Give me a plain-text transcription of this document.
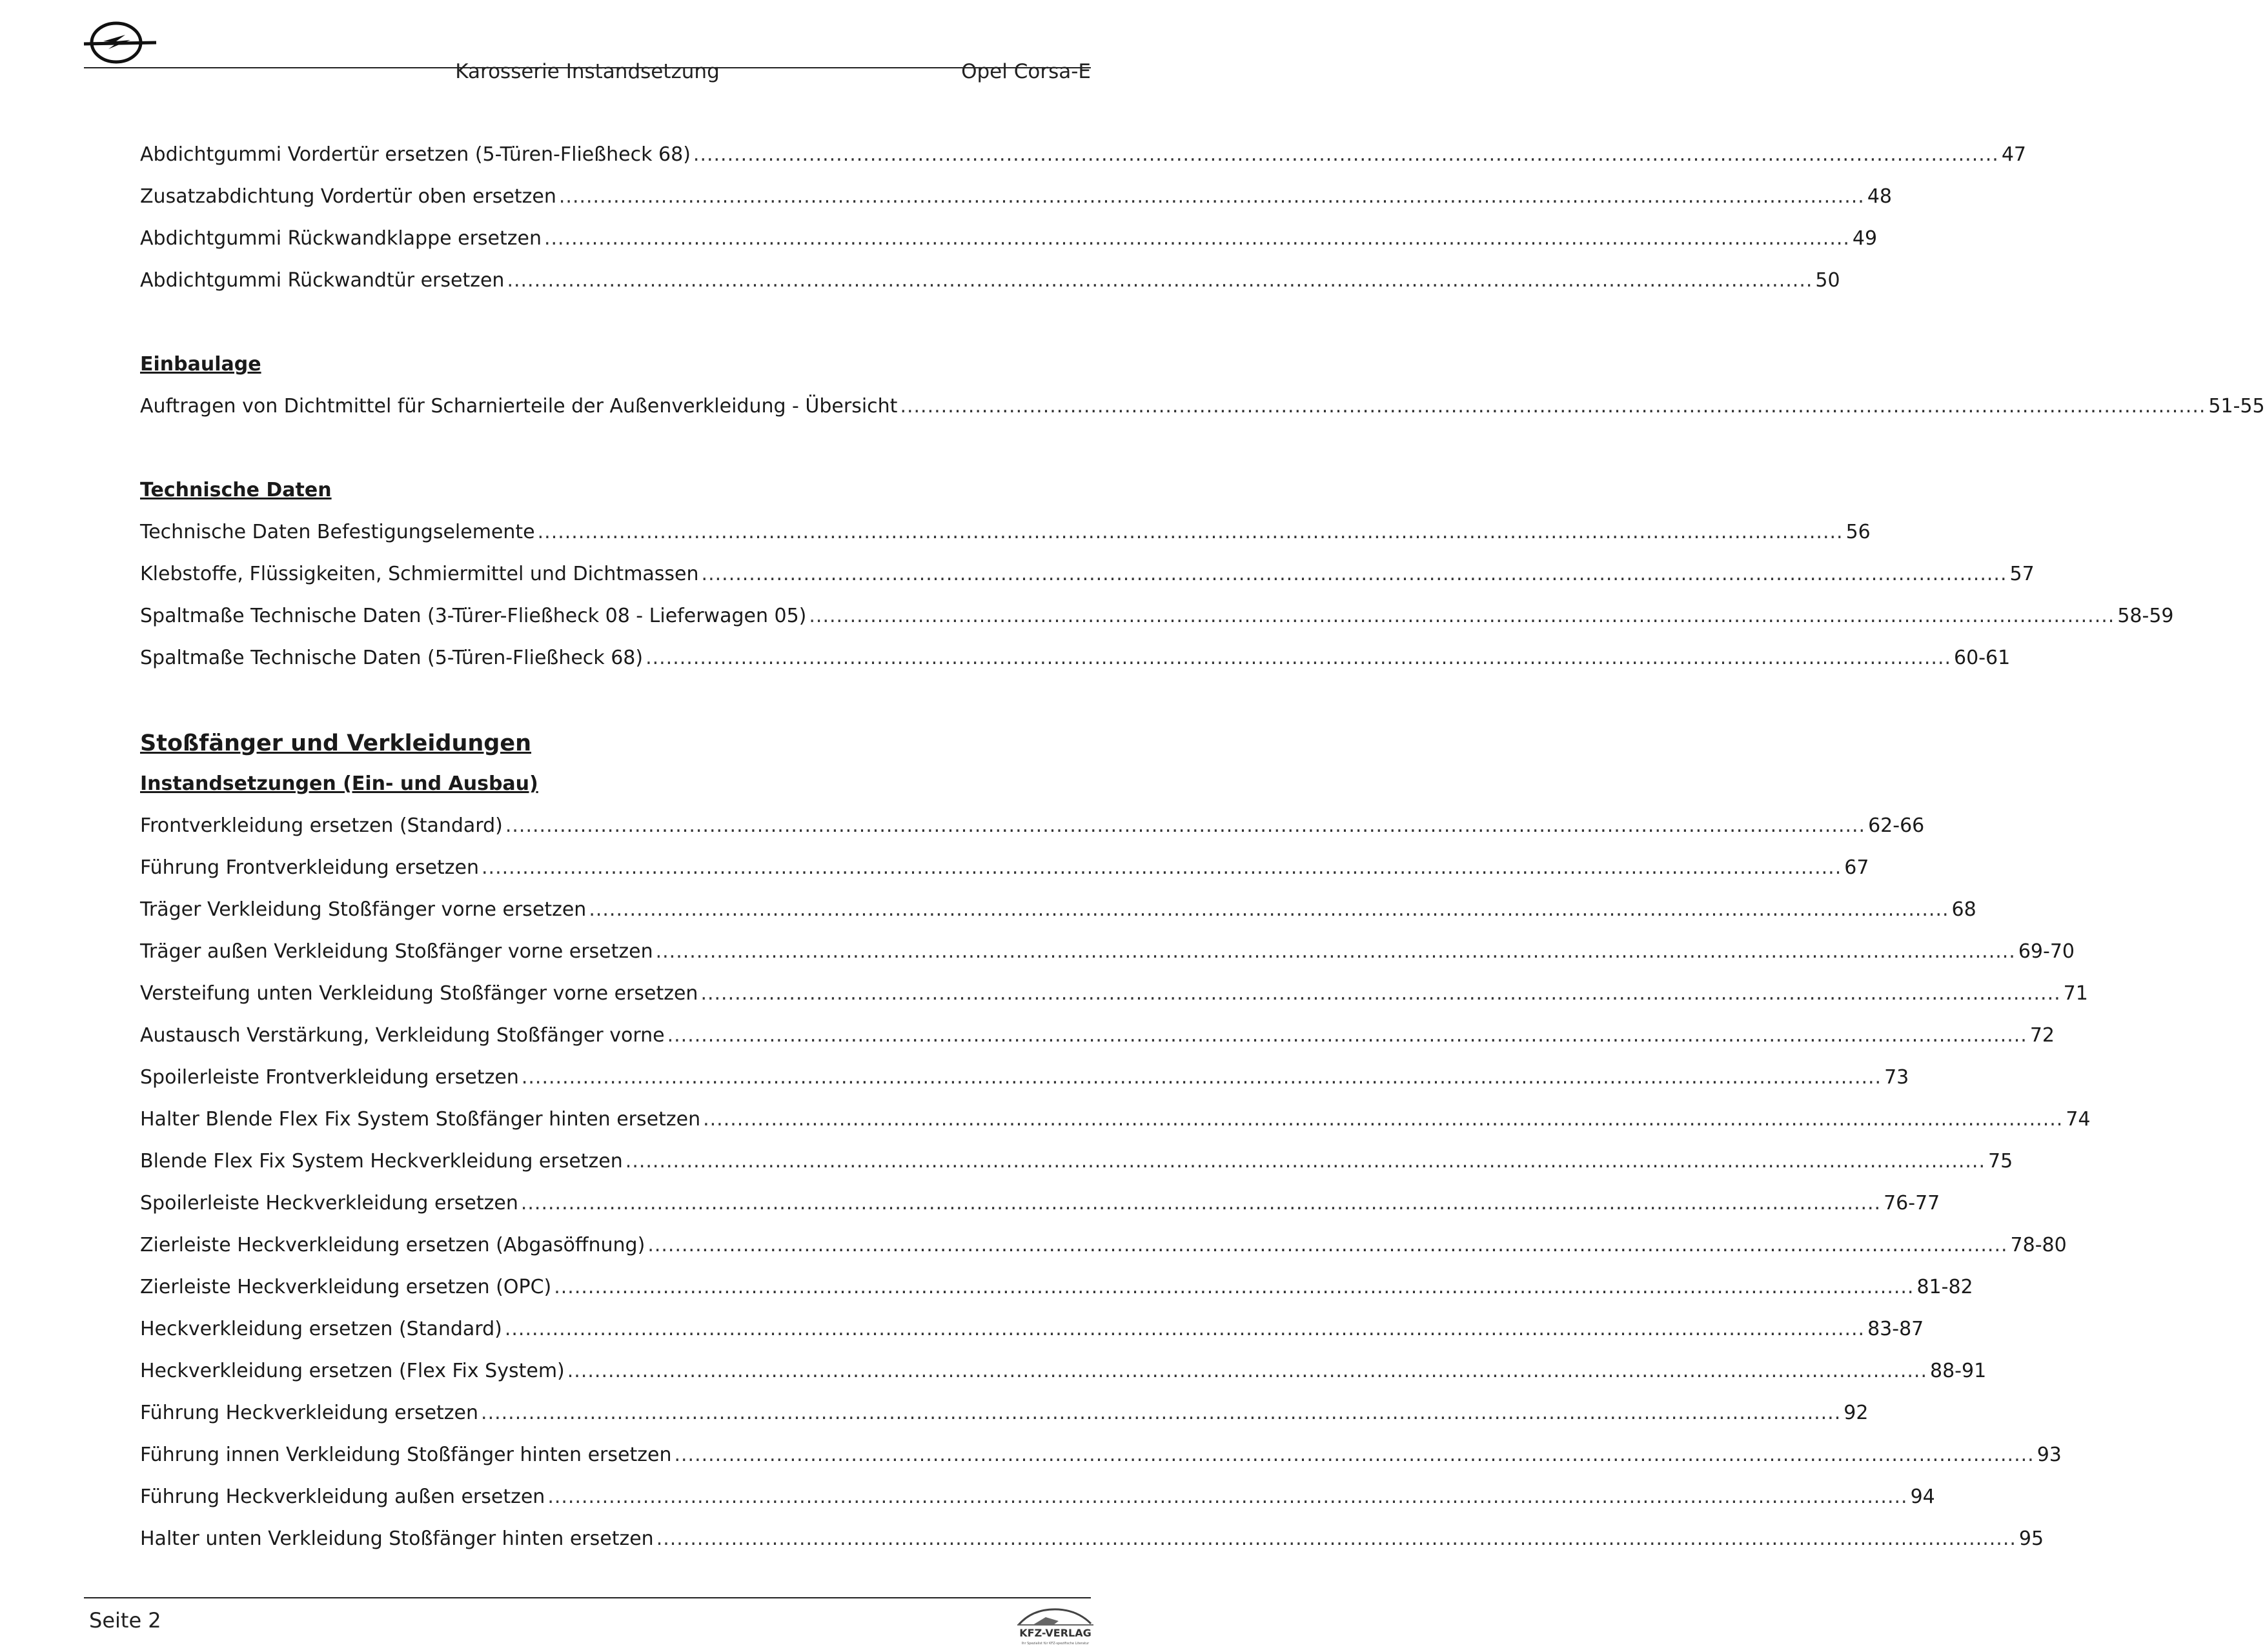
Karosserie Instandsetzung	Opel Corsa-E
Abdichtgummi Vordertür ersetzen (5-Türen-Fließheck 68) ................................................................................................................................................................................................ 47
Zusatzabdichtung Vordertür oben ersetzen ................................................................................................................................................................................................ 48
Abdichtgummi Rückwandklappe ersetzen ................................................................................................................................................................................................ 49
Abdichtgummi Rückwandtür ersetzen ................................................................................................................................................................................................ 50
Einbaulage
Auftragen von Dichtmittel für Scharnierteile der Außenverkleidung - Übersicht ................................................................................................................................................................................................ 51-55
Technische Daten
Technische Daten Befestigungselemente ................................................................................................................................................................................................ 56
Klebstoffe, Flüssigkeiten, Schmiermittel und Dichtmassen ................................................................................................................................................................................................ 57
Spaltmaße Technische Daten (3-Türer-Fließheck 08 - Lieferwagen 05) ................................................................................................................................................................................................ 58-59
Spaltmaße Technische Daten (5-Türen-Fließheck 68) ................................................................................................................................................................................................ 60-61
Stoßfänger und Verkleidungen
Instandsetzungen (Ein- und Ausbau)
Frontverkleidung ersetzen (Standard) ........................................................................................................................................................................................................ 62-66
Führung Frontverkleidung ersetzen ........................................................................................................................................................................................................ 67
Träger Verkleidung Stoßfänger vorne ersetzen ........................................................................................................................................................................................................ 68
Träger außen Verkleidung Stoßfänger vorne ersetzen ........................................................................................................................................................................................................ 69-70
Versteifung unten Verkleidung Stoßfänger vorne ersetzen ........................................................................................................................................................................................................ 71
Austausch Verstärkung, Verkleidung Stoßfänger vorne ........................................................................................................................................................................................................ 72
Spoilerleiste Frontverkleidung ersetzen ........................................................................................................................................................................................................ 73
Halter Blende Flex Fix System Stoßfänger hinten ersetzen ........................................................................................................................................................................................................ 74
Blende Flex Fix System Heckverkleidung ersetzen ........................................................................................................................................................................................................ 75
Spoilerleiste Heckverkleidung ersetzen ........................................................................................................................................................................................................ 76-77
Zierleiste Heckverkleidung ersetzen (Abgasöffnung) ........................................................................................................................................................................................................ 78-80
Zierleiste Heckverkleidung ersetzen (OPC) ........................................................................................................................................................................................................ 81-82
Heckverkleidung ersetzen (Standard) ........................................................................................................................................................................................................ 83-87
Heckverkleidung ersetzen (Flex Fix System) ........................................................................................................................................................................................................ 88-91
Führung Heckverkleidung ersetzen ........................................................................................................................................................................................................ 92
Führung innen Verkleidung Stoßfänger hinten ersetzen ........................................................................................................................................................................................................ 93
Führung Heckverkleidung außen ersetzen ........................................................................................................................................................................................................ 94
Halter unten Verkleidung Stoßfänger hinten ersetzen ........................................................................................................................................................................................................ 95
Seite 2
KFZ-VERLAG
Ihr Spezialist für KFZ-spezifische Literatur
